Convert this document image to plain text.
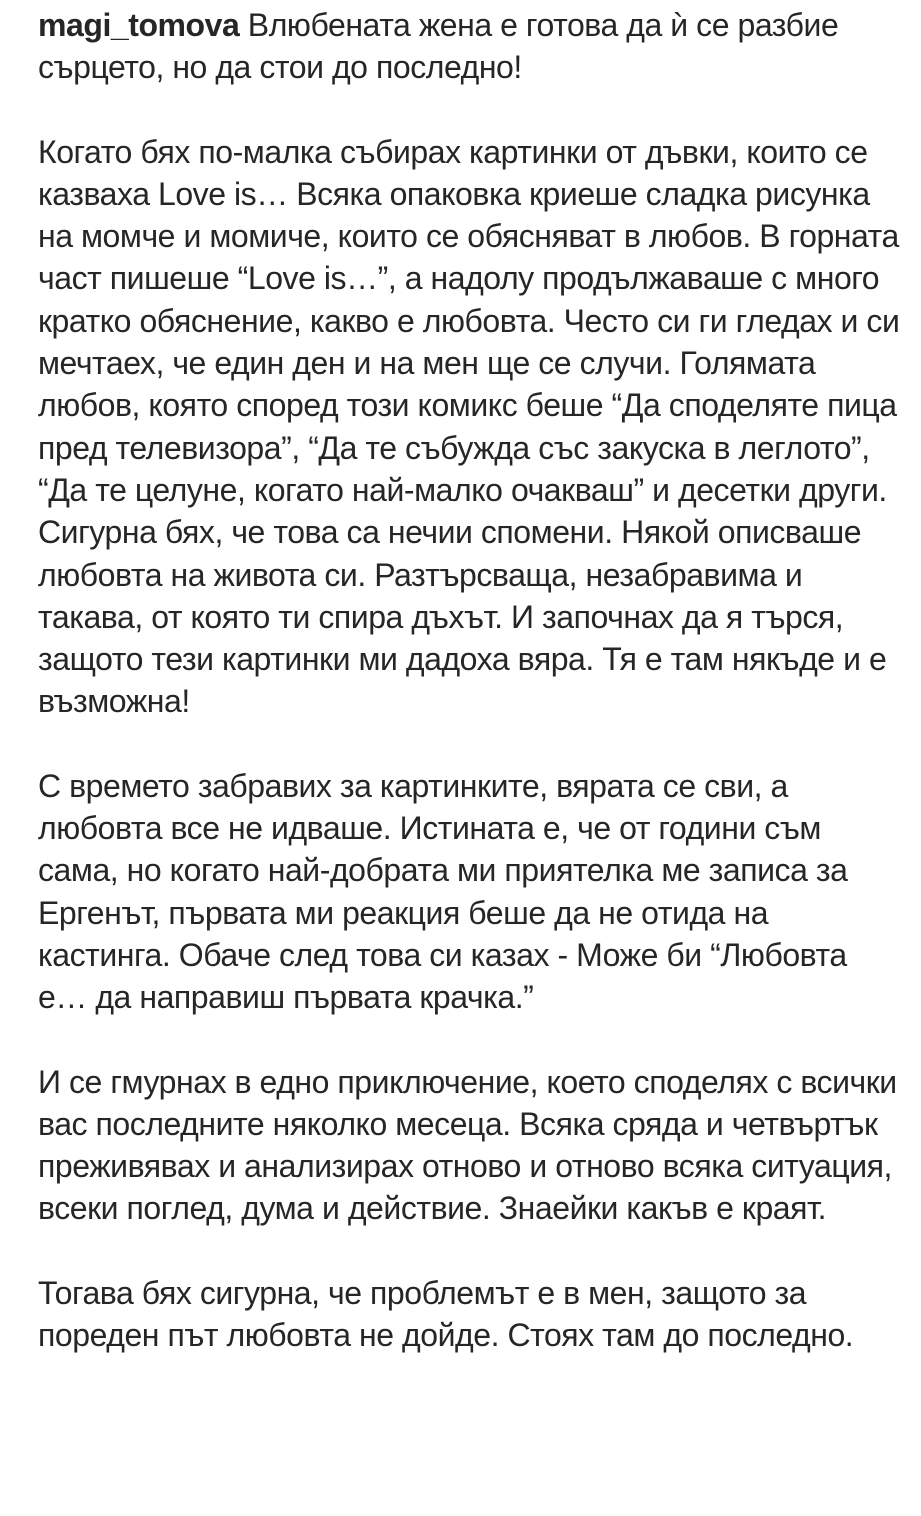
magi_tomova Влюбената жена е готова да ѝ се разбие сърцето, но да стои до последно!

Когато бях по-малка събирах картинки от дъвки, които се казваха Love is… Всяка опаковка криеше сладка рисунка на момче и момиче, които се обясняват в любов. В горната част пишеше “Love is…”, а надолу продължаваше с много кратко обяснение, какво е любовта. Често си ги гледах и си мечтаех, че един ден и на мен ще се случи. Голямата любов, която според този комикс беше “Да споделяте пица пред телевизора”, “Да те събужда със закуска в леглото”, “Да те целуне, когато най-малко очакваш” и десетки други. Сигурна бях, че това са нечии спомени. Някой описваше любовта на живота си. Разтърсваща, незабравима и такава, от която ти спира дъхът. И започнах да я търся, защото тези картинки ми дадоха вяра. Тя е там някъде и е възможна!

С времето забравих за картинките, вярата се сви, а любовта все не идваше. Истината е, че от години съм сама, но когато най-добрата ми приятелка ме записа за Ергенът, първата ми реакция беше да не отида на кастинга. Обаче след това си казах - Може би “Любовта е… да направиш първата крачка.”

И се гмурнах в едно приключение, което споделях с всички вас последните няколко месеца. Всяка сряда и четвъртък преживявах и анализирах отново и отново всяка ситуация, всеки поглед, дума и действие. Знаейки какъв е краят.

Тогава бях сигурна, че проблемът е в мен, защото за пореден път любовта не дойде. Стоях там до последно.
